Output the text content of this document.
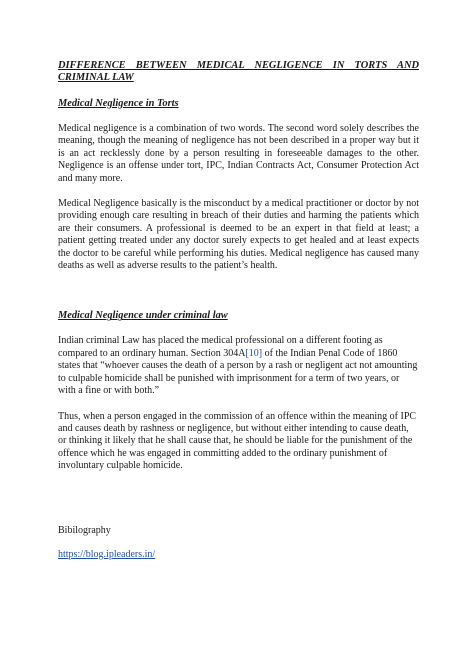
DIFFERENCE BETWEEN MEDICAL NEGLIGENCE IN TORTS AND CRIMINAL LAW

Medical Negligence in Torts

Medical negligence is a combination of two words. The second word solely describes the meaning, though the meaning of negligence has not been described in a proper way but it is an act recklessly done by a person resulting in foreseeable damages to the other. Negligence is an offense under tort, IPC, Indian Contracts Act, Consumer Protection Act and many more.

Medical Negligence basically is the misconduct by a medical practitioner or doctor by not providing enough care resulting in breach of their duties and harming the patients which are their consumers. A professional is deemed to be an expert in that field at least; a patient getting treated under any doctor surely expects to get healed and at least expects the doctor to be careful while performing his duties. Medical negligence has caused many deaths as well as adverse results to the patient’s health.

Medical Negligence under criminal law

Indian criminal Law has placed the medical professional on a different footing as compared to an ordinary human. Section 304A[10] of the Indian Penal Code of 1860 states that “whoever causes the death of a person by a rash or negligent act not amounting to culpable homicide shall be punished with imprisonment for a term of two years, or with a fine or with both.”

Thus, when a person engaged in the commission of an offence within the meaning of IPC and causes death by rashness or negligence, but without either intending to cause death, or thinking it likely that he shall cause that, he should be liable for the punishment of the offence which he was engaged in committing added to the ordinary punishment of involuntary culpable homicide.

Bibilography

https://blog.ipleaders.in/
